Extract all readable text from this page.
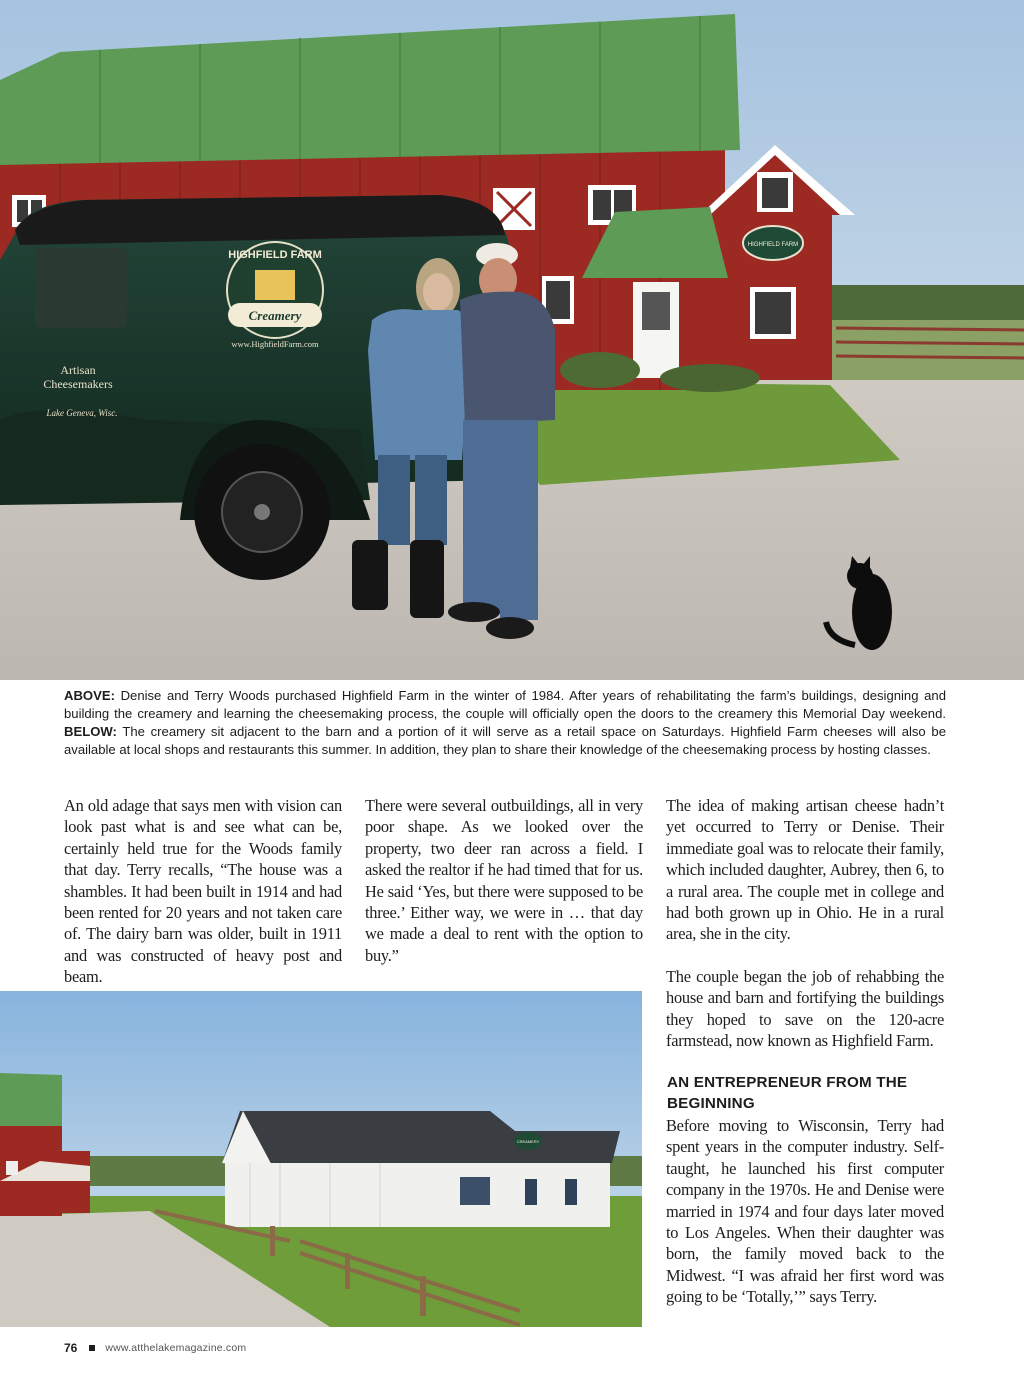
HIGHFIELD FARM
HIGHFIELD FARM
Creamery
www.HighfieldFarm.com
Artisan
Cheesemakers
Lake Geneva, Wisc.

ABOVE: Denise and Terry Woods purchased Highfield Farm in the winter of 1984. After years of rehabilitating the farm’s buildings, designing and building the creamery and learning the cheesemaking process, the couple will officially open the doors to the creamery this Memorial Day weekend. BELOW: The creamery sit adjacent to the barn and a portion of it will serve as a retail space on Saturdays. Highfield Farm cheeses will also be available at local shops and restaurants this summer. In addition, they plan to share their knowledge of the cheesemaking process by hosting classes.

An old adage that says men with vision can look past what is and see what can be, certainly held true for the Woods family that day. Terry recalls, “The house was a shambles. It had been built in 1914 and had been rented for 20 years and not taken care of. The dairy barn was older, built in 1911 and was constructed of heavy post and beam.

There were several outbuildings, all in very poor shape. As we looked over the property, two deer ran across a field. I asked the realtor if he had timed that for us. He said ‘Yes, but there were supposed to be three.’ Either way, we were in … that day we made a deal to rent with the option to buy.”

The idea of making artisan cheese hadn’t yet occurred to Terry or Denise. Their immediate goal was to relocate their family, which included daughter, Aubrey, then 6, to a rural area. The couple met in college and had both grown up in Ohio. He in a rural area, she in the city.

The couple began the job of rehabbing the house and barn and fortifying the buildings they hoped to save on the 120-acre farmstead, now known as Highfield Farm.

AN ENTREPRENEUR FROM THE BEGINNING

Before moving to Wisconsin, Terry had spent years in the computer industry. Self-taught, he launched his first computer company in the 1970s. He and Denise were married in 1974 and four days later moved to Los Angeles. When their daughter was born, the family moved back to the Midwest. “I was afraid her first word was going to be ‘Totally,’” says Terry.

CREAMERY
76	www.atthelakemagazine.com
